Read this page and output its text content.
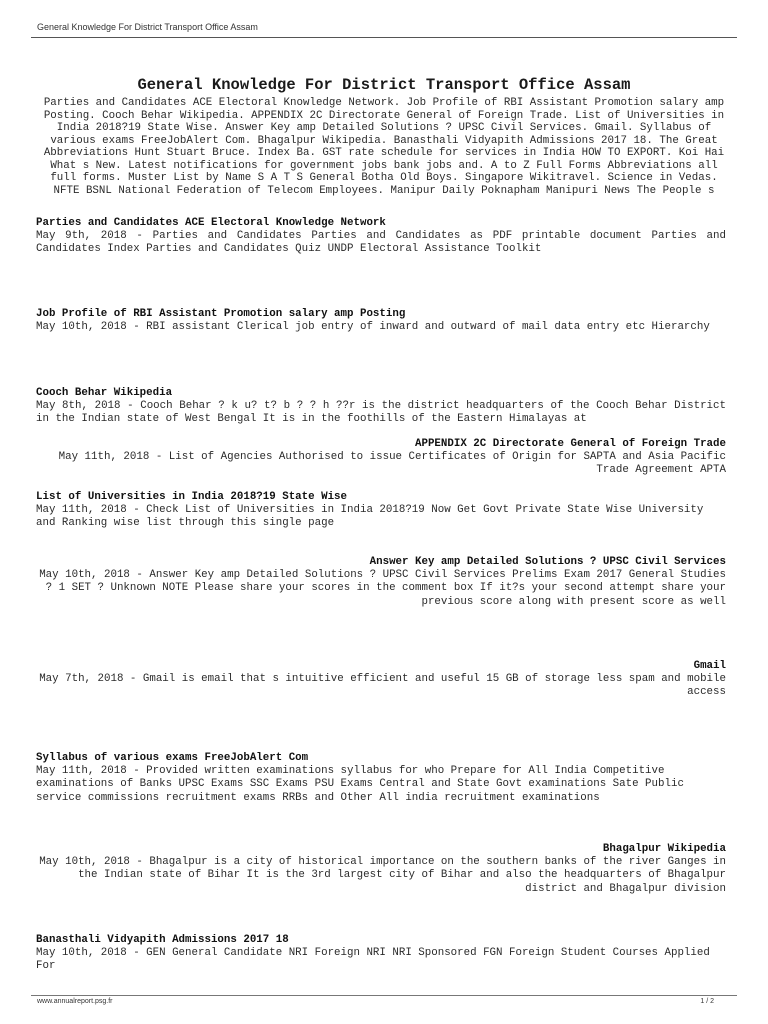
General Knowledge For District Transport Office Assam
General Knowledge For District Transport Office Assam

Parties and Candidates ACE Electoral Knowledge Network. Job Profile of RBI Assistant Promotion salary amp Posting. Cooch Behar Wikipedia. APPENDIX 2C Directorate General of Foreign Trade. List of Universities in India 2018?19 State Wise. Answer Key amp Detailed Solutions ? UPSC Civil Services. Gmail. Syllabus of various exams FreeJobAlert Com. Bhagalpur Wikipedia. Banasthali Vidyapith Admissions 2017 18. The Great Abbreviations Hunt Stuart Bruce. Index Ba. GST rate schedule for services in India HOW TO EXPORT. Koi Hai What s New. Latest notifications for government jobs bank jobs and. A to Z Full Forms Abbreviations all full forms. Muster List by Name S A T S General Botha Old Boys. Singapore Wikitravel. Science in Vedas. NFTE BSNL National Federation of Telecom Employees. Manipur Daily Poknapham Manipuri News The People s

Parties and Candidates ACE Electoral Knowledge Network

May 9th, 2018 - Parties and Candidates Parties and Candidates as PDF printable document Parties and Candidates Index Parties and Candidates Quiz UNDP Electoral Assistance Toolkit

Job Profile of RBI Assistant Promotion salary amp Posting

May 10th, 2018 - RBI assistant Clerical job entry of inward and outward of mail data entry etc Hierarchy

Cooch Behar Wikipedia

May 8th, 2018 - Cooch Behar ? k u? t? b ? ? h ??r is the district headquarters of the Cooch Behar District in the Indian state of West Bengal It is in the foothills of the Eastern Himalayas at

APPENDIX 2C Directorate General of Foreign Trade

May 11th, 2018 - List of Agencies Authorised to issue Certificates of Origin for SAPTA and Asia Pacific Trade Agreement APTA

List of Universities in India 2018?19 State Wise

May 11th, 2018 - Check List of Universities in India 2018?19 Now Get Govt Private State Wise University and Ranking wise list through this single page

Answer Key amp Detailed Solutions ? UPSC Civil Services

May 10th, 2018 - Answer Key amp Detailed Solutions ? UPSC Civil Services Prelims Exam 2017 General Studies ? 1 SET ? Unknown NOTE Please share your scores in the comment box If it?s your second attempt share your previous score along with present score as well

Gmail

May 7th, 2018 - Gmail is email that s intuitive efficient and useful 15 GB of storage less spam and mobile access

Syllabus of various exams FreeJobAlert Com

May 11th, 2018 - Provided written examinations syllabus for who Prepare for All India Competitive examinations of Banks UPSC Exams SSC Exams PSU Exams Central and State Govt examinations Sate Public service commissions recruitment exams RRBs and Other All india recruitment examinations

Bhagalpur Wikipedia

May 10th, 2018 - Bhagalpur is a city of historical importance on the southern banks of the river Ganges in the Indian state of Bihar It is the 3rd largest city of Bihar and also the headquarters of Bhagalpur district and Bhagalpur division

Banasthali Vidyapith Admissions 2017 18

May 10th, 2018 - GEN General Candidate NRI Foreign NRI NRI Sponsored FGN Foreign Student Courses Applied For

www.annualreport.psg.fr	1 / 2
